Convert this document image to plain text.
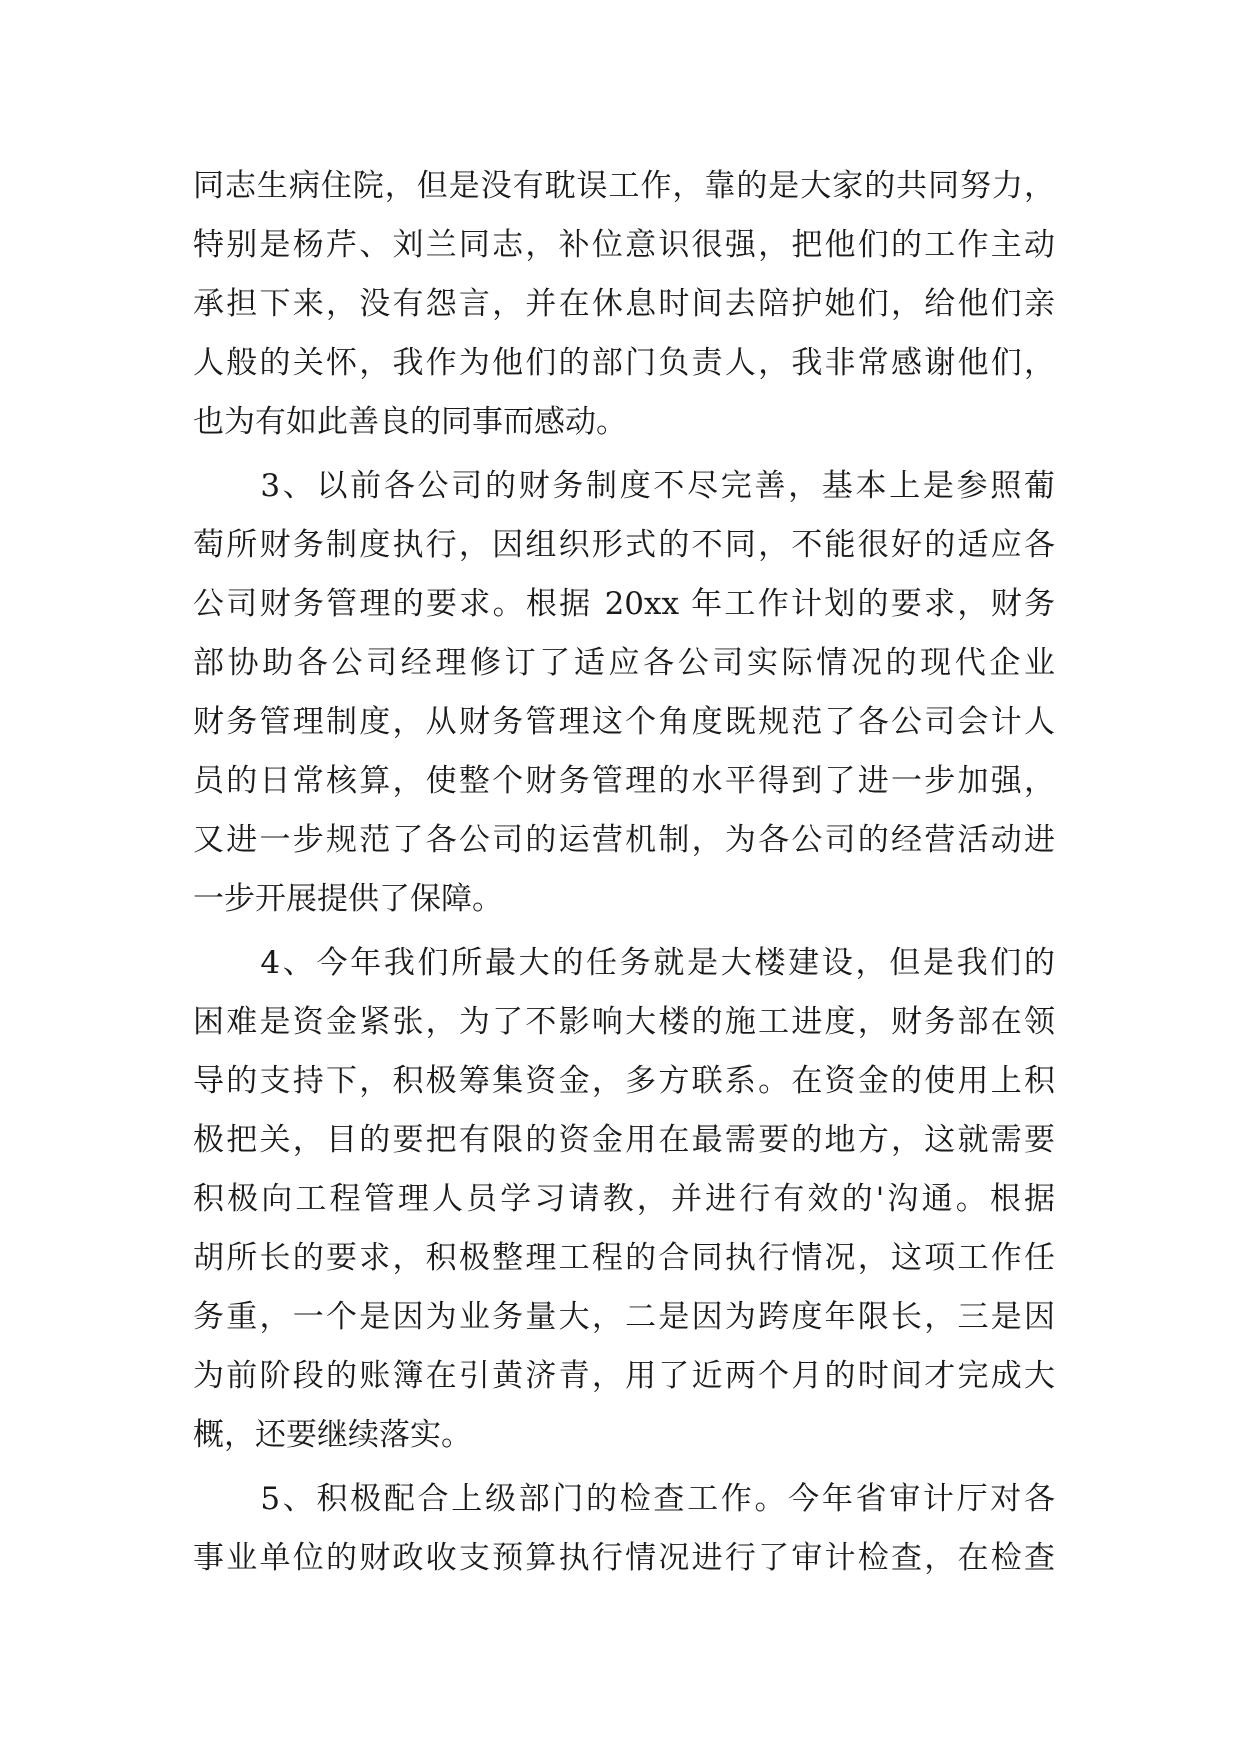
同志生病住院，但是没有耽误工作，靠的是大家的共同努力，
特别是杨芹、刘兰同志，补位意识很强，把他们的工作主动
承担下来，没有怨言，并在休息时间去陪护她们，给他们亲
人般的关怀，我作为他们的部门负责人，我非常感谢他们，
也为有如此善良的同事而感动。
　　3、以前各公司的财务制度不尽完善，基本上是参照葡
萄所财务制度执行，因组织形式的不同，不能很好的适应各
公司财务管理的要求。根据 20xx 年工作计划的要求，财务
部协助各公司经理修订了适应各公司实际情况的现代企业
财务管理制度，从财务管理这个角度既规范了各公司会计人
员的日常核算，使整个财务管理的水平得到了进一步加强，
又进一步规范了各公司的运营机制，为各公司的经营活动进
一步开展提供了保障。
　　4、今年我们所最大的任务就是大楼建设，但是我们的
困难是资金紧张，为了不影响大楼的施工进度，财务部在领
导的支持下，积极筹集资金，多方联系。在资金的使用上积
极把关，目的要把有限的资金用在最需要的地方，这就需要
积极向工程管理人员学习请教，并进行有效的'沟通。根据
胡所长的要求，积极整理工程的合同执行情况，这项工作任
务重，一个是因为业务量大，二是因为跨度年限长，三是因
为前阶段的账簿在引黄济青，用了近两个月的时间才完成大
概，还要继续落实。
　　5、积极配合上级部门的检查工作。今年省审计厅对各
事业单位的财政收支预算执行情况进行了审计检查，在检查
